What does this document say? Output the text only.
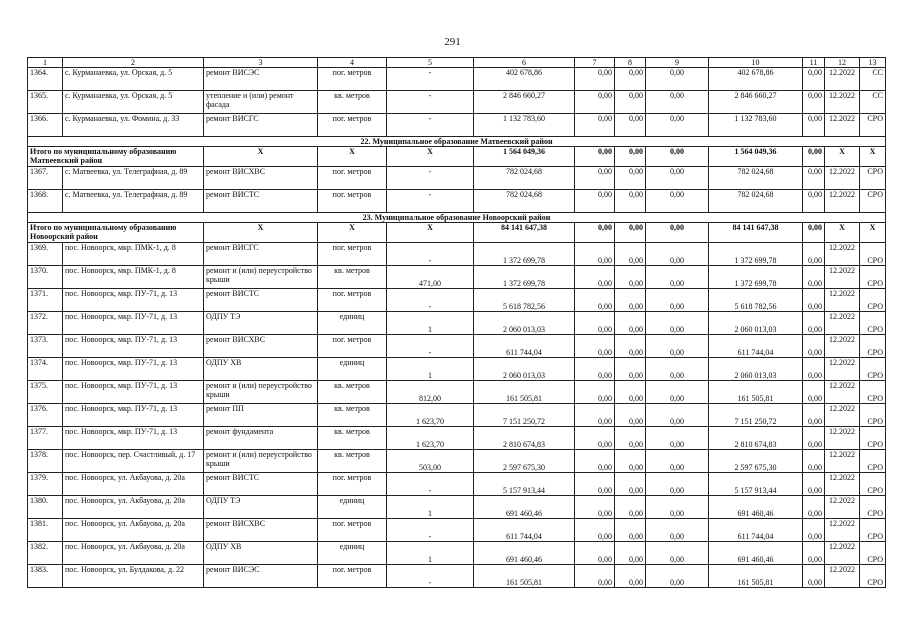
291
1	2	3	4	5	6	7	8	9	10	11	12	13
1364.	с. Курманаевка, ул. Орская, д. 5	ремонт ВИСЭС	пог. метров	-	402 678,86	0,00	0,00	0,00	402 678,86	0,00	12.2022	СС
1365.	с. Курманаевка, ул. Орская, д. 5	утепление и (или) ремонт фасада	кв. метров	-	2 846 660,27	0,00	0,00	0,00	2 846 660,27	0,00	12.2022	СС
1366.	с. Курманаевка, ул. Фомина, д. 33	ремонт ВИСГС	пог. метров	-	1 132 783,60	0,00	0,00	0,00	1 132 783,60	0,00	12.2022	СРО
22. Муниципальное образование Матвеевский район												
Итого по муниципальному образованию Матвеевский район		Х	Х	Х	1 564 049,36	0,00	0,00	0,00	1 564 049,36	0,00	Х	Х
1367.	с. Матвеевка, ул. Телеграфная, д. 89	ремонт ВИСХВС	пог. метров	-	782 024,68	0,00	0,00	0,00	782 024,68	0,00	12.2022	СРО
1368.	с. Матвеевка, ул. Телеграфная, д. 89	ремонт ВИСТС	пог. метров	-	782 024,68	0,00	0,00	0,00	782 024,68	0,00	12.2022	СРО
23. Муниципальное образование Новоорский район												
Итого по муниципальному образованию Новоорский район		Х	Х	Х	84 141 647,38	0,00	0,00	0,00	84 141 647,38	0,00	Х	Х
1369.	пос. Новоорск, мкр. ПМК-1, д. 8	ремонт ВИСГС	пог. метров	-	1 372 699,78	0,00	0,00	0,00	1 372 699,78	0,00	12.2022	СРО
1370.	пос. Новоорск, мкр. ПМК-1, д. 8	ремонт и (или) переустройство крыши	кв. метров	471,00	1 372 699,78	0,00	0,00	0,00	1 372 699,78	0,00	12.2022	СРО
1371.	пос. Новоорск, мкр. ПУ-71, д. 13	ремонт ВИСТС	пог. метров	-	5 618 782,56	0,00	0,00	0,00	5 618 782,56	0,00	12.2022	СРО
1372.	пос. Новоорск, мкр. ПУ-71, д. 13	ОДПУ ТЭ	единиц	1	2 060 013,03	0,00	0,00	0,00	2 060 013,03	0,00	12.2022	СРО
1373.	пос. Новоорск, мкр. ПУ-71, д. 13	ремонт ВИСХВС	пог. метров	-	611 744,04	0,00	0,00	0,00	611 744,04	0,00	12.2022	СРО
1374.	пос. Новоорск, мкр. ПУ-71, д. 13	ОДПУ ХВ	единиц	1	2 060 013,03	0,00	0,00	0,00	2 060 013,03	0,00	12.2022	СРО
1375.	пос. Новоорск, мкр. ПУ-71, д. 13	ремонт и (или) переустройство крыши	кв. метров	812,00	161 505,81	0,00	0,00	0,00	161 505,81	0,00	12.2022	СРО
1376.	пос. Новоорск, мкр. ПУ-71, д. 13	ремонт ПП	кв. метров	1 623,70	7 151 250,72	0,00	0,00	0,00	7 151 250,72	0,00	12.2022	СРО
1377.	пос. Новоорск, мкр. ПУ-71, д. 13	ремонт фундамента	кв. метров	1 623,70	2 810 674,83	0,00	0,00	0,00	2 810 674,83	0,00	12.2022	СРО
1378.	пос. Новоорск, пер. Счастливый, д. 17	ремонт и (или) переустройство крыши	кв. метров	503,00	2 597 675,30	0,00	0,00	0,00	2 597 675,30	0,00	12.2022	СРО
1379.	пос. Новоорск, ул. Акбауова, д. 20а	ремонт ВИСТС	пог. метров	-	5 157 913,44	0,00	0,00	0,00	5 157 913,44	0,00	12.2022	СРО
1380.	пос. Новоорск, ул. Акбауова, д. 20а	ОДПУ ТЭ	единиц	1	691 460,46	0,00	0,00	0,00	691 460,46	0,00	12.2022	СРО
1381.	пос. Новоорск, ул. Акбауова, д. 20а	ремонт ВИСХВС	пог. метров	-	611 744,04	0,00	0,00	0,00	611 744,04	0,00	12.2022	СРО
1382.	пос. Новоорск, ул. Акбауова, д. 20а	ОДПУ ХВ	единиц	1	691 460,46	0,00	0,00	0,00	691 460,46	0,00	12.2022	СРО
1383.	пос. Новоорск, ул. Булдакова, д. 22	ремонт ВИСЭС	пог. метров	-	161 505,81	0,00	0,00	0,00	161 505,81	0,00	12.2022	СРО
